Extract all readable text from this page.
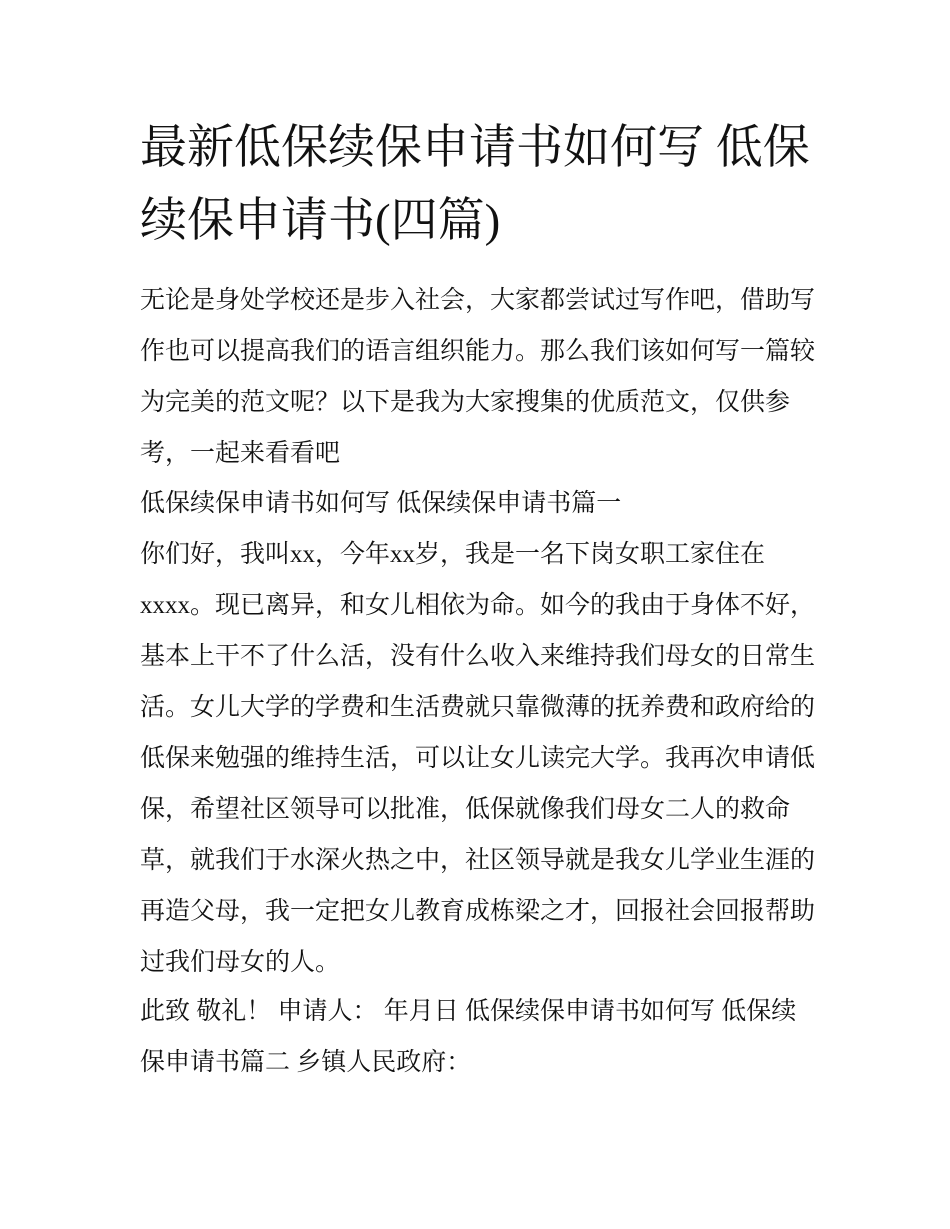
最新低保续保申请书如何写 低保续保申请书(四篇)

无论是身处学校还是步入社会，大家都尝试过写作吧，借助写作也可以提高我们的语言组织能力。那么我们该如何写一篇较为完美的范文呢？以下是我为大家搜集的优质范文，仅供参考，一起来看看吧

低保续保申请书如何写 低保续保申请书篇一

你们好，我叫xx，今年xx岁，我是一名下岗女职工家住在xxxx。现已离异，和女儿相依为命。如今的我由于身体不好，基本上干不了什么活，没有什么收入来维持我们母女的日常生活。女儿大学的学费和生活费就只靠微薄的抚养费和政府给的低保来勉强的维持生活，可以让女儿读完大学。我再次申请低保，希望社区领导可以批准，低保就像我们母女二人的救命草，就我们于水深火热之中，社区领导就是我女儿学业生涯的再造父母，我一定把女儿教育成栋梁之才，回报社会回报帮助过我们母女的人。

此致 敬礼！ 申请人： 年月日 低保续保申请书如何写 低保续保申请书篇二 乡镇人民政府：
